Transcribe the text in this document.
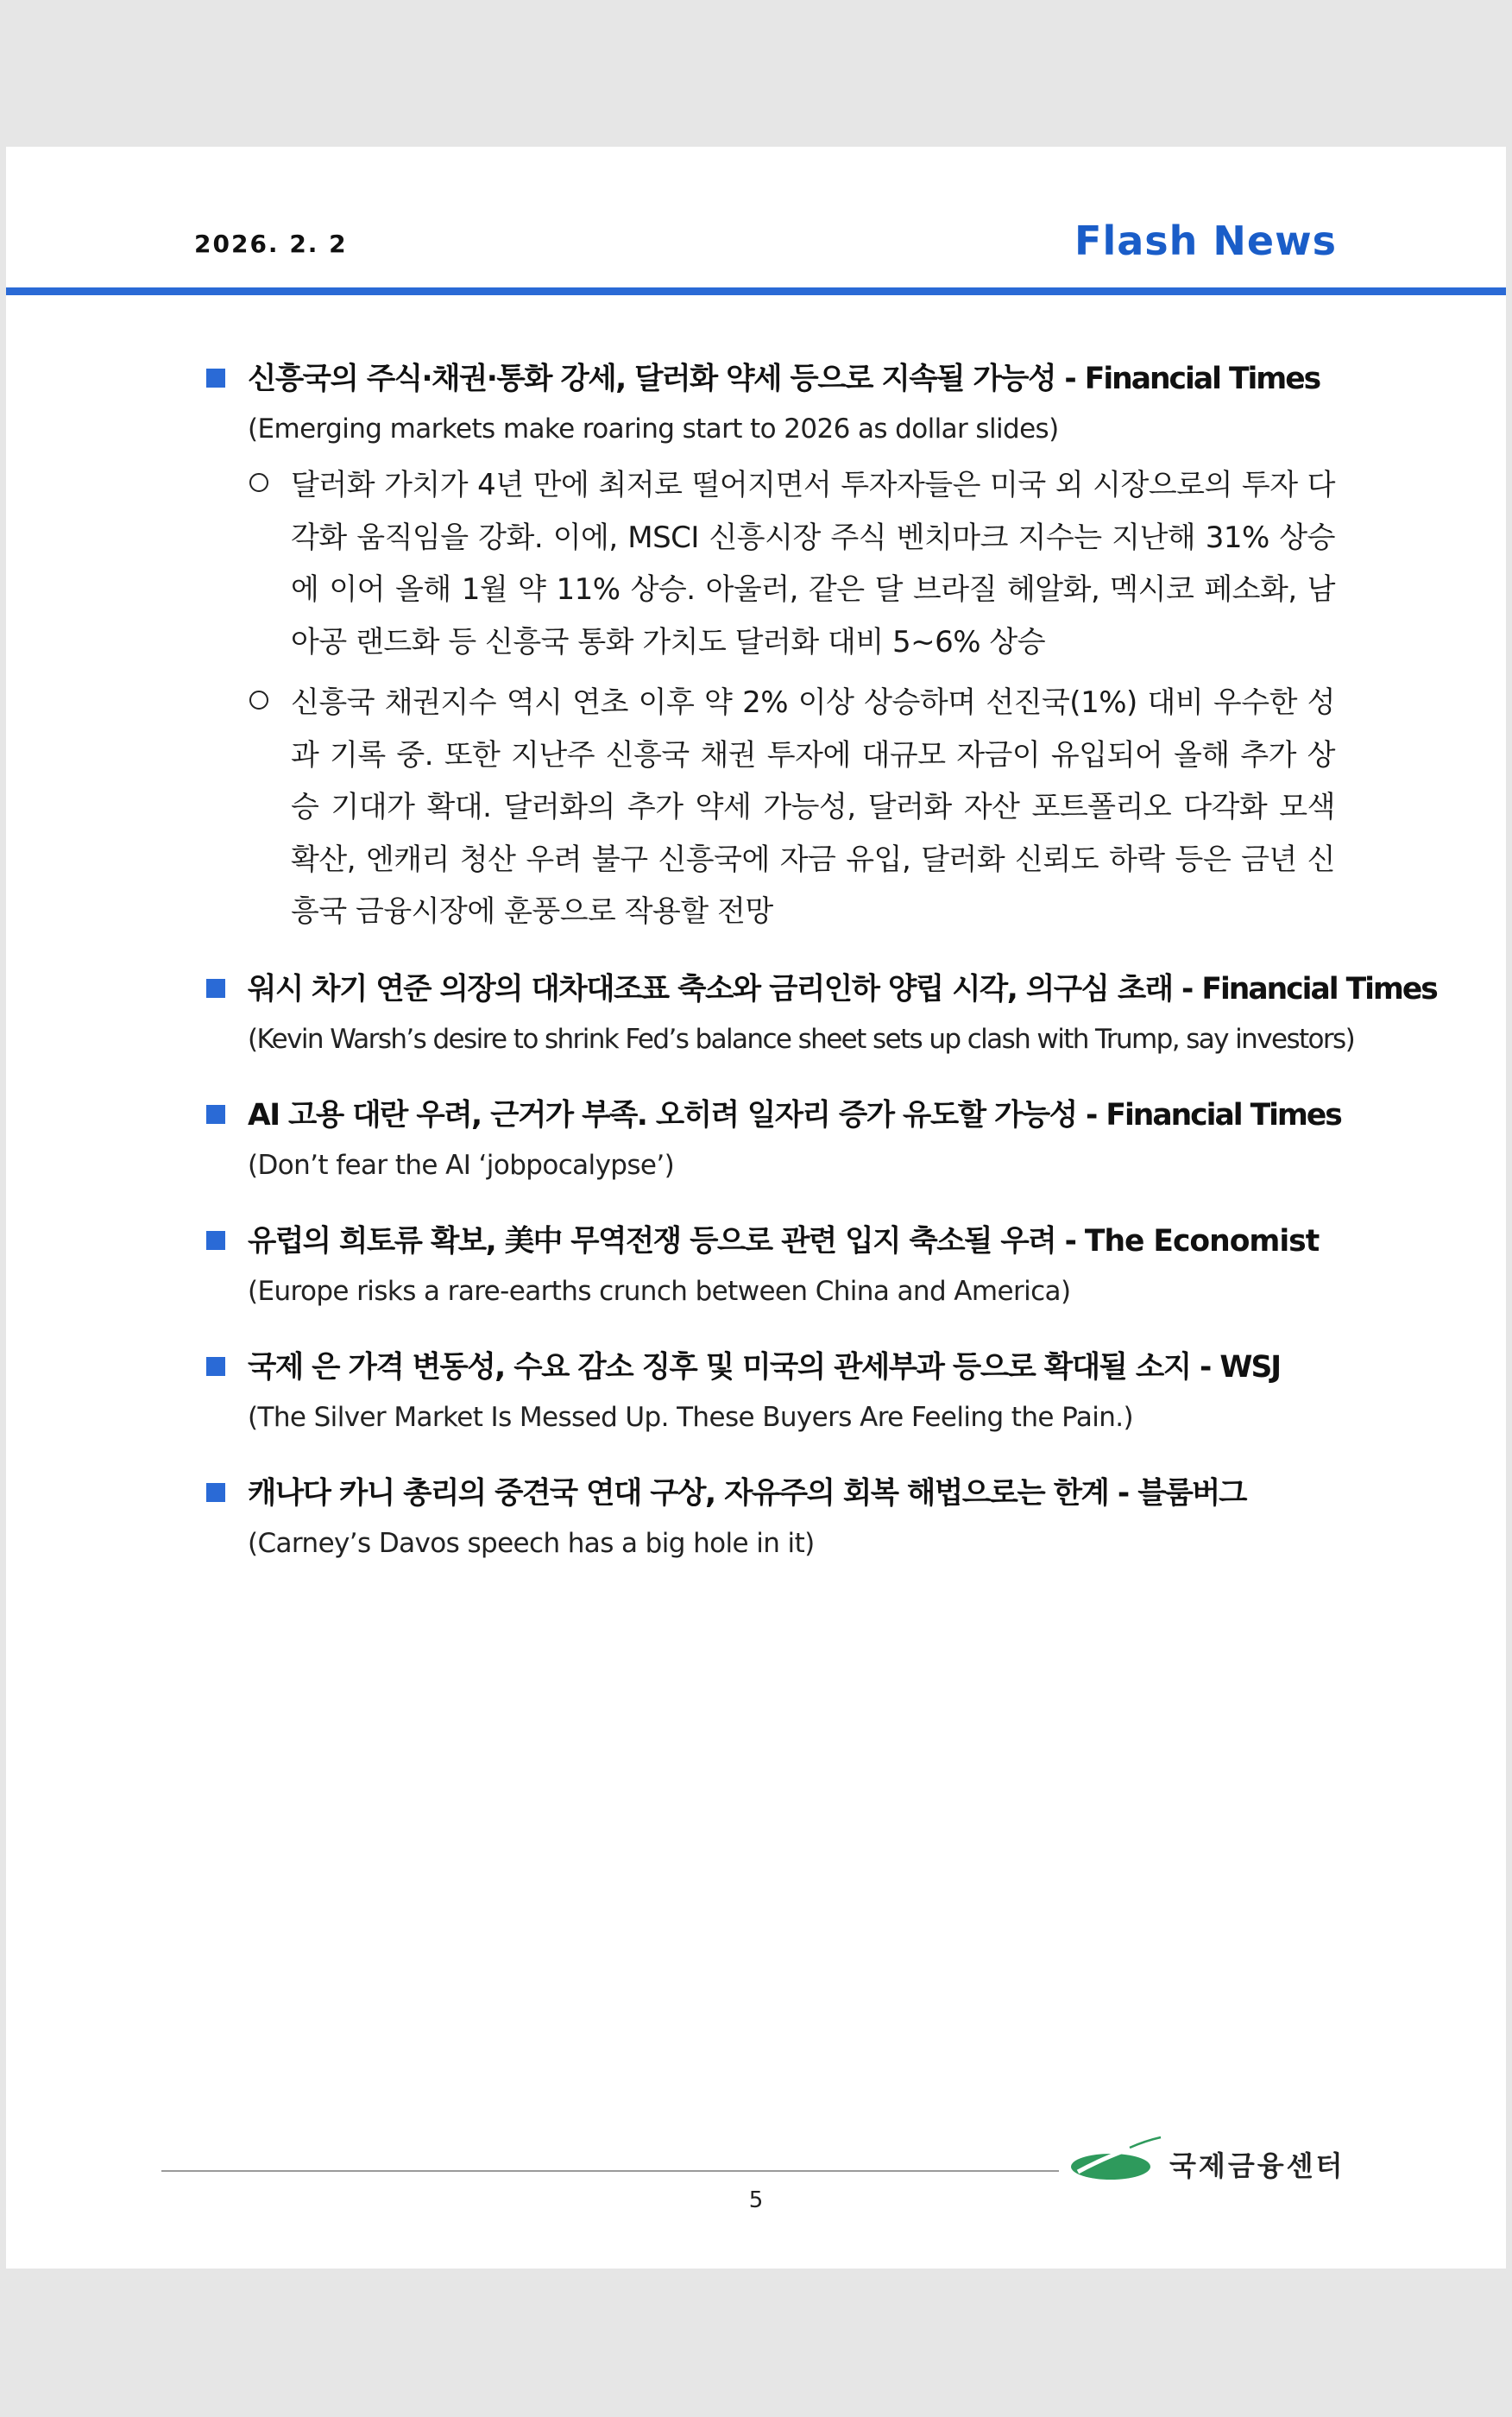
2026. 2. 2	Flash News
신흥국의 주식·채권·통화 강세, 달러화 약세 등으로 지속될 가능성 - Financial Times
(Emerging markets make roaring start to 2026 as dollar slides)
달러화 가치가 4년 만에 최저로 떨어지면서 투자자들은 미국 외 시장으로의 투자 다각화 움직임을 강화. 이에, MSCI 신흥시장 주식 벤치마크 지수는 지난해 31% 상승에 이어 올해 1월 약 11% 상승. 아울러, 같은 달 브라질 헤알화, 멕시코 페소화, 남아공 랜드화 등 신흥국 통화 가치도 달러화 대비 5~6% 상승
신흥국 채권지수 역시 연초 이후 약 2% 이상 상승하며 선진국(1%) 대비 우수한 성과 기록 중. 또한 지난주 신흥국 채권 투자에 대규모 자금이 유입되어 올해 추가 상승 기대가 확대. 달러화의 추가 약세 가능성, 달러화 자산 포트폴리오 다각화 모색 확산, 엔캐리 청산 우려 불구 신흥국에 자금 유입, 달러화 신뢰도 하락 등은 금년 신흥국 금융시장에 훈풍으로 작용할 전망
워시 차기 연준 의장의 대차대조표 축소와 금리인하 양립 시각, 의구심 초래 - Financial Times
(Kevin Warsh’s desire to shrink Fed’s balance sheet sets up clash with Trump, say investors)
AI 고용 대란 우려, 근거가 부족. 오히려 일자리 증가 유도할 가능성 - Financial Times
(Don’t fear the AI ‘jobpocalypse’)
유럽의 희토류 확보, 美中 무역전쟁 등으로 관련 입지 축소될 우려 - The Economist
(Europe risks a rare-earths crunch between China and America)
국제 은 가격 변동성, 수요 감소 징후 및 미국의 관세부과 등으로 확대될 소지 - WSJ
(The Silver Market Is Messed Up. These Buyers Are Feeling the Pain.)
캐나다 카니 총리의 중견국 연대 구상, 자유주의 회복 해법으로는 한계 - 블룸버그
(Carney’s Davos speech has a big hole in it)
5
국제금융센터
